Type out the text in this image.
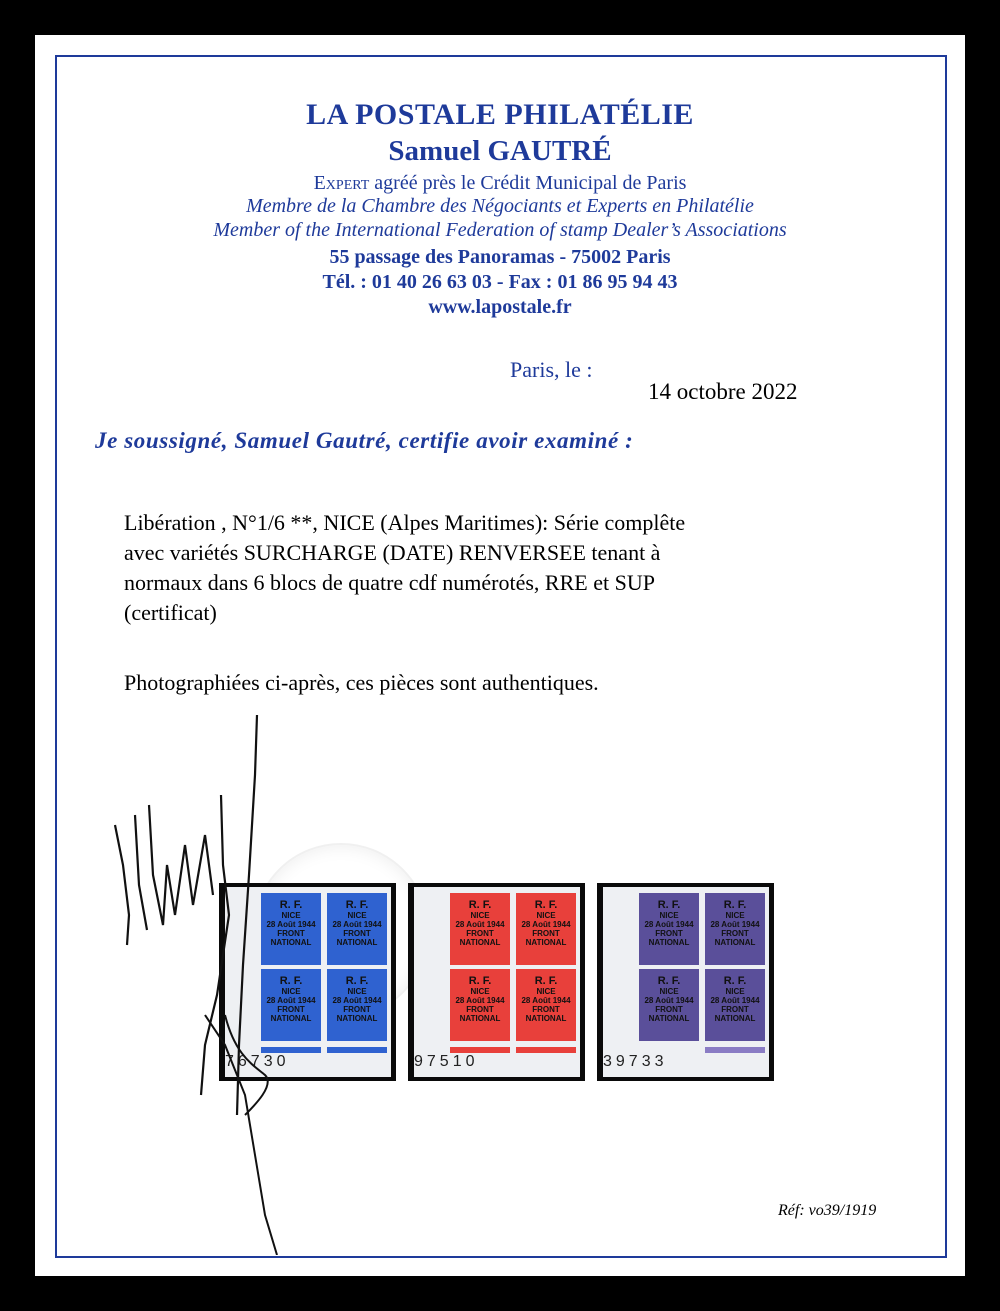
LA POSTALE PHILATÉLIE
Samuel GAUTRÉ
Expert agréé près le Crédit Municipal de Paris
Membre de la Chambre des Négociants et Experts en Philatélie
Member of the International Federation of stamp Dealer’s Associations
55 passage des Panoramas - 75002 Paris
Tél. : 01 40 26 63 03 - Fax : 01 86 95 94 43
www.lapostale.fr
Paris, le :
14 octobre 2022
Je soussigné, Samuel Gautré, certifie avoir examiné :
Libération , N°1/6 **, NICE (Alpes Maritimes): Série complête
avec variétés SURCHARGE (DATE) RENVERSEE tenant à
normaux dans 6 blocs de quatre cdf numérotés, RRE et SUP
(certificat)
Photographiées ci-après, ces pièces sont authentiques.
R. F.
NICE
28 Août 1944
FRONT
NATIONAL
R. F.
NICE
28 Août 1944
FRONT
NATIONAL
R. F.
NICE
28 Août 1944
FRONT
NATIONAL
R. F.
NICE
28 Août 1944
FRONT
NATIONAL
76730
R. F.
NICE
28 Août 1944
FRONT
NATIONAL
R. F.
NICE
28 Août 1944
FRONT
NATIONAL
R. F.
NICE
28 Août 1944
FRONT
NATIONAL
R. F.
NICE
28 Août 1944
FRONT
NATIONAL
97510
R. F.
NICE
28 Août 1944
FRONT
NATIONAL
R. F.
NICE
28 Août 1944
FRONT
NATIONAL
R. F.
NICE
28 Août 1944
FRONT
NATIONAL
R. F.
NICE
28 Août 1944
FRONT
NATIONAL
39733
Réf: vo39/1919
